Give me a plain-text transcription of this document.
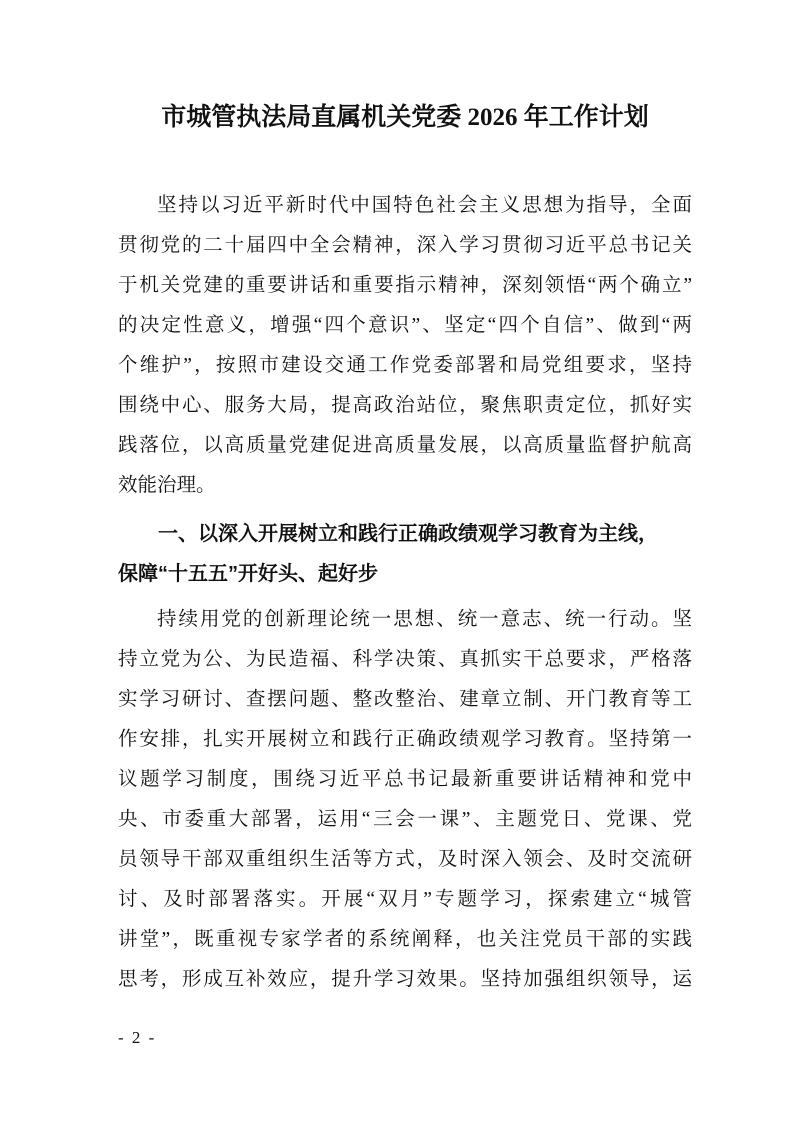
市城管执法局直属机关党委 2026 年工作计划
坚持以习近平新时代中国特色社会主义思想为指导，全面
贯彻党的二十届四中全会精神，深入学习贯彻习近平总书记关
于机关党建的重要讲话和重要指示精神，深刻领悟“两个确立”
的决定性意义，增强“四个意识”、坚定“四个自信”、做到“两
个维护”，按照市建设交通工作党委部署和局党组要求，坚持
围绕中心、服务大局，提高政治站位，聚焦职责定位，抓好实
践落位，以高质量党建促进高质量发展，以高质量监督护航高
效能治理。
一、以深入开展树立和践行正确政绩观学习教育为主线，
保障“十五五”开好头、起好步
持续用党的创新理论统一思想、统一意志、统一行动。坚
持立党为公、为民造福、科学决策、真抓实干总要求，严格落
实学习研讨、查摆问题、整改整治、建章立制、开门教育等工
作安排，扎实开展树立和践行正确政绩观学习教育。坚持第一
议题学习制度，围绕习近平总书记最新重要讲话精神和党中
央、市委重大部署，运用“三会一课”、主题党日、党课、党
员领导干部双重组织生活等方式，及时深入领会、及时交流研
讨、及时部署落实。开展“双月”专题学习，探索建立“城管
讲堂”，既重视专家学者的系统阐释，也关注党员干部的实践
思考，形成互补效应，提升学习效果。坚持加强组织领导，运
- 2 -
